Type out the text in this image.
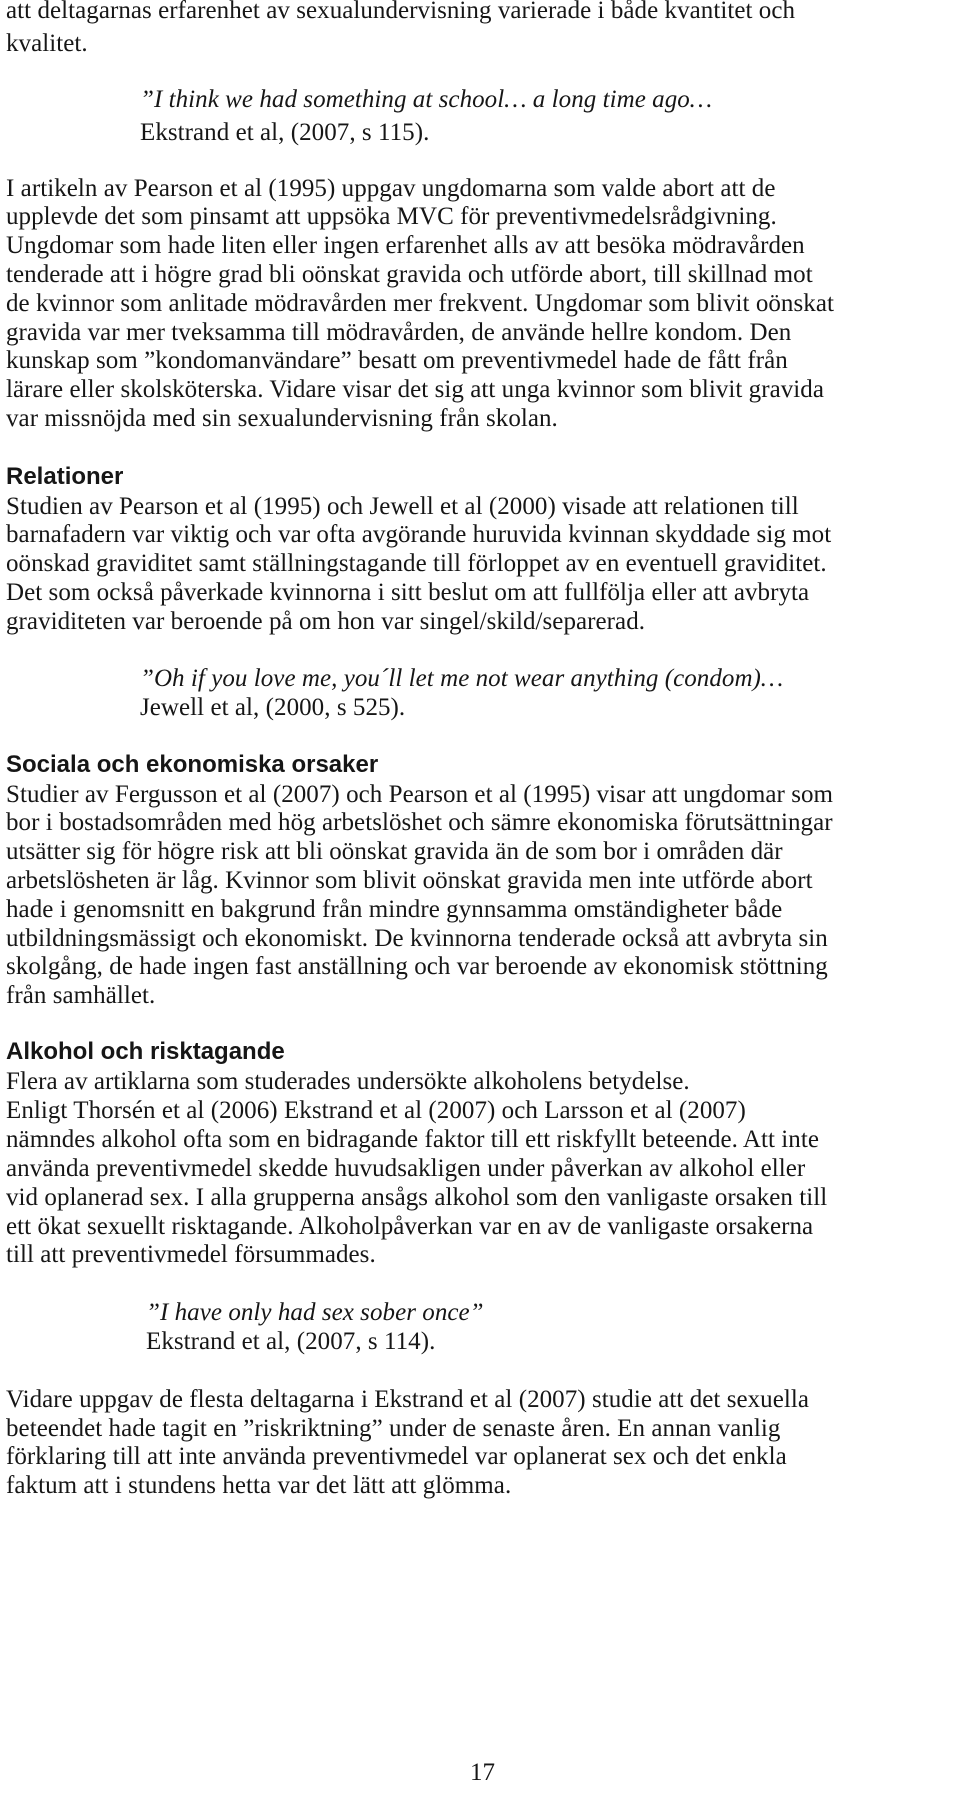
att deltagarnas erfarenhet av sexualundervisning varierade i både kvantitet och

kvalitet.

”I think we had something at school… a long time ago…

Ekstrand et al, (2007, s 115).

I artikeln av Pearson et al (1995) uppgav ungdomarna som valde abort att de

upplevde det som pinsamt att uppsöka MVC för preventivmedelsrådgivning.

Ungdomar som hade liten eller ingen erfarenhet alls av att besöka mödravården

tenderade att i högre grad bli oönskat gravida och utförde abort, till skillnad mot

de kvinnor som anlitade mödravården mer frekvent. Ungdomar som blivit oönskat

gravida var mer tveksamma till mödravården, de använde hellre kondom. Den

kunskap som ”kondomanvändare” besatt om preventivmedel hade de fått från

lärare eller skolsköterska. Vidare visar det sig att unga kvinnor som blivit gravida

var missnöjda med sin sexualundervisning från skolan.

Relationer

Studien av Pearson et al (1995) och Jewell et al (2000) visade att relationen till

barnafadern var viktig och var ofta avgörande huruvida kvinnan skyddade sig mot

oönskad graviditet samt ställningstagande till förloppet av en eventuell graviditet.

Det som också påverkade kvinnorna i sitt beslut om att fullfölja eller att avbryta

graviditeten var beroende på om hon var singel/skild/separerad.

”Oh if you love me, you´ll let me not wear anything (condom)…

Jewell et al, (2000, s 525).

Sociala och ekonomiska orsaker

Studier av Fergusson et al (2007) och Pearson et al (1995) visar att ungdomar som

bor i bostadsområden med hög arbetslöshet och sämre ekonomiska förutsättningar

utsätter sig för högre risk att bli oönskat gravida än de som bor i områden där

arbetslösheten är låg. Kvinnor som blivit oönskat gravida men inte utförde abort

hade i genomsnitt en bakgrund från mindre gynnsamma omständigheter både

utbildningsmässigt och ekonomiskt. De kvinnorna tenderade också att avbryta sin

skolgång, de hade ingen fast anställning och var beroende av ekonomisk stöttning

från samhället.

Alkohol och risktagande

Flera av artiklarna som studerades undersökte alkoholens betydelse.

Enligt Thorsén et al (2006) Ekstrand et al (2007) och Larsson et al (2007)

nämndes alkohol ofta som en bidragande faktor till ett riskfyllt beteende. Att inte

använda preventivmedel skedde huvudsakligen under påverkan av alkohol eller

vid oplanerad sex. I alla grupperna ansågs alkohol som den vanligaste orsaken till

ett ökat sexuellt risktagande. Alkoholpåverkan var en av de vanligaste orsakerna

till att preventivmedel försummades.

”I have only had sex sober once”

Ekstrand et al, (2007, s 114).

Vidare uppgav de flesta deltagarna i Ekstrand et al (2007) studie att det sexuella

beteendet hade tagit en ”riskriktning” under de senaste åren. En annan vanlig

förklaring till att inte använda preventivmedel var oplanerat sex och det enkla

faktum att i stundens hetta var det lätt att glömma.

17
